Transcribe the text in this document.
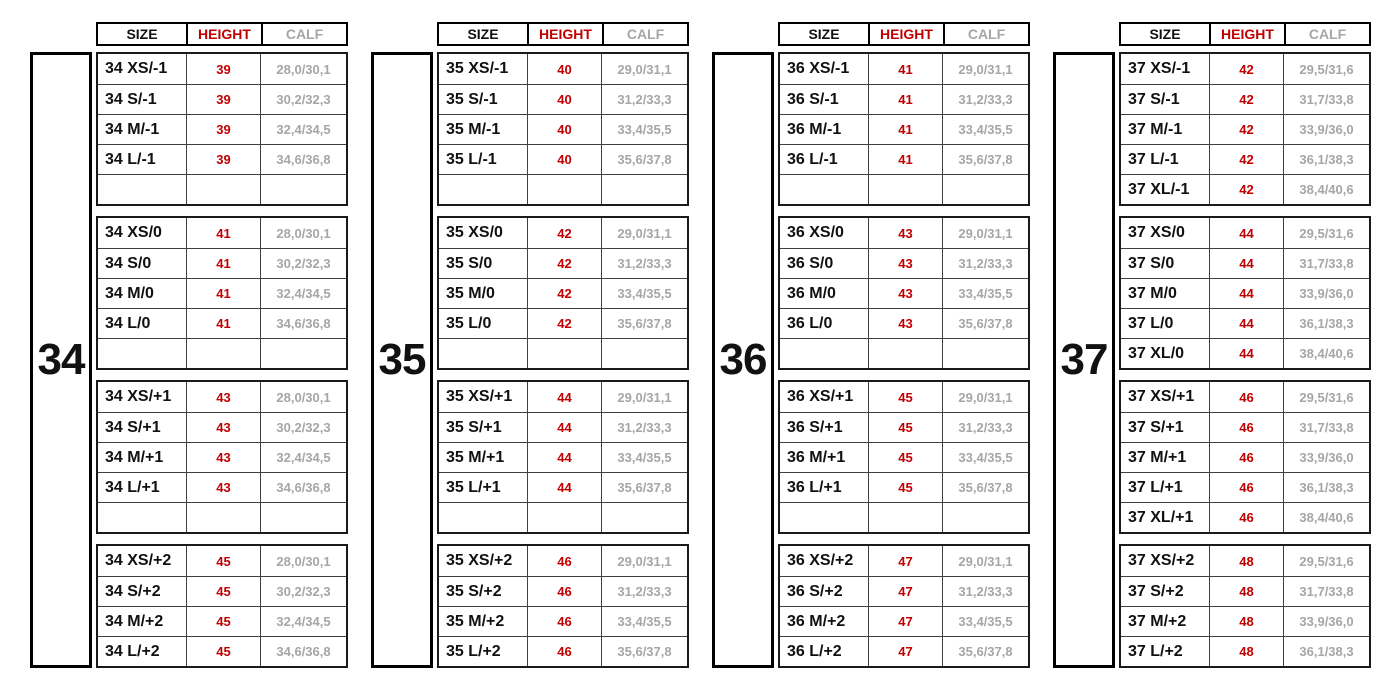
34
SIZE	HEIGHT	CALF
34 XS/-1	39	28,0/30,1
34 S/-1	39	30,2/32,3
34 M/-1	39	32,4/34,5
34 L/-1	39	34,6/36,8
34 XS/0	41	28,0/30,1
34 S/0	41	30,2/32,3
34 M/0	41	32,4/34,5
34 L/0	41	34,6/36,8
34 XS/+1	43	28,0/30,1
34 S/+1	43	30,2/32,3
34 M/+1	43	32,4/34,5
34 L/+1	43	34,6/36,8
34 XS/+2	45	28,0/30,1
34 S/+2	45	30,2/32,3
34 M/+2	45	32,4/34,5
34 L/+2	45	34,6/36,8
35
SIZE	HEIGHT	CALF
35 XS/-1	40	29,0/31,1
35 S/-1	40	31,2/33,3
35 M/-1	40	33,4/35,5
35 L/-1	40	35,6/37,8
35 XS/0	42	29,0/31,1
35 S/0	42	31,2/33,3
35 M/0	42	33,4/35,5
35 L/0	42	35,6/37,8
35 XS/+1	44	29,0/31,1
35 S/+1	44	31,2/33,3
35 M/+1	44	33,4/35,5
35 L/+1	44	35,6/37,8
35 XS/+2	46	29,0/31,1
35 S/+2	46	31,2/33,3
35 M/+2	46	33,4/35,5
35 L/+2	46	35,6/37,8
36
SIZE	HEIGHT	CALF
36 XS/-1	41	29,0/31,1
36 S/-1	41	31,2/33,3
36 M/-1	41	33,4/35,5
36 L/-1	41	35,6/37,8
36 XS/0	43	29,0/31,1
36 S/0	43	31,2/33,3
36 M/0	43	33,4/35,5
36 L/0	43	35,6/37,8
36 XS/+1	45	29,0/31,1
36 S/+1	45	31,2/33,3
36 M/+1	45	33,4/35,5
36 L/+1	45	35,6/37,8
36 XS/+2	47	29,0/31,1
36 S/+2	47	31,2/33,3
36 M/+2	47	33,4/35,5
36 L/+2	47	35,6/37,8
37
SIZE	HEIGHT	CALF
37 XS/-1	42	29,5/31,6
37 S/-1	42	31,7/33,8
37 M/-1	42	33,9/36,0
37 L/-1	42	36,1/38,3
37 XL/-1	42	38,4/40,6
37 XS/0	44	29,5/31,6
37 S/0	44	31,7/33,8
37 M/0	44	33,9/36,0
37 L/0	44	36,1/38,3
37 XL/0	44	38,4/40,6
37 XS/+1	46	29,5/31,6
37 S/+1	46	31,7/33,8
37 M/+1	46	33,9/36,0
37 L/+1	46	36,1/38,3
37 XL/+1	46	38,4/40,6
37 XS/+2	48	29,5/31,6
37 S/+2	48	31,7/33,8
37 M/+2	48	33,9/36,0
37 L/+2	48	36,1/38,3
